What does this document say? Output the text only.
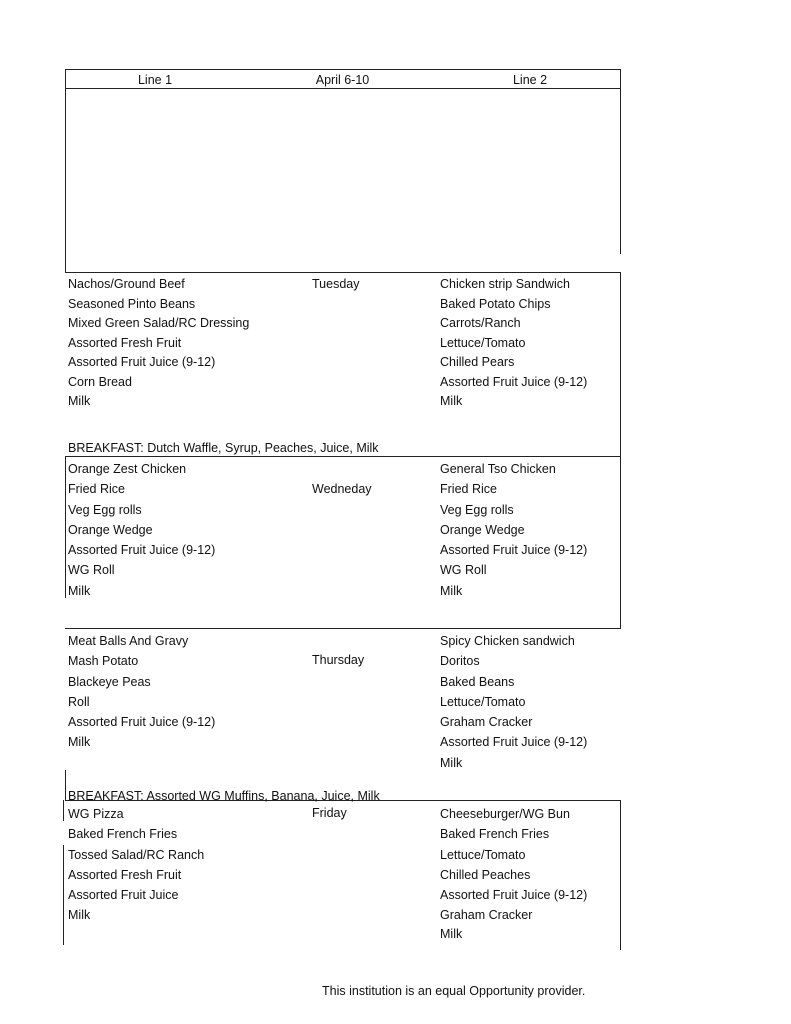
Line 1	April 6-10	Line 2
Tuesday
Nachos/Ground Beef
Seasoned Pinto Beans
Mixed Green Salad/RC Dressing
Assorted Fresh Fruit
Assorted Fruit Juice (9-12)
Corn Bread
Milk
Chicken strip Sandwich
Baked Potato Chips
Carrots/Ranch
Lettuce/Tomato
Chilled Pears
Assorted Fruit Juice (9-12)
Milk
BREAKFAST: Dutch Waffle, Syrup, Peaches, Juice, Milk
Wedneday
Orange Zest Chicken
Fried Rice
Veg Egg rolls
Orange Wedge
Assorted Fruit Juice (9-12)
WG Roll
Milk
General Tso Chicken
Fried Rice
Veg Egg rolls
Orange Wedge
Assorted Fruit Juice (9-12)
WG Roll
Milk
Thursday
Meat Balls And Gravy
Mash Potato
Blackeye Peas
Roll
Assorted Fruit Juice (9-12)
Milk
Spicy Chicken sandwich
Doritos
Baked Beans
Lettuce/Tomato
Graham Cracker
Assorted Fruit Juice (9-12)
Milk
BREAKFAST: Assorted WG Muffins, Banana, Juice, Milk
Friday
WG Pizza
Baked French Fries
Tossed Salad/RC Ranch
Assorted Fresh Fruit
Assorted Fruit Juice
Milk
Cheeseburger/WG Bun
Baked French Fries
Lettuce/Tomato
Chilled Peaches
Assorted Fruit Juice (9-12)
Graham Cracker
Milk
This institution is an equal Opportunity provider.
